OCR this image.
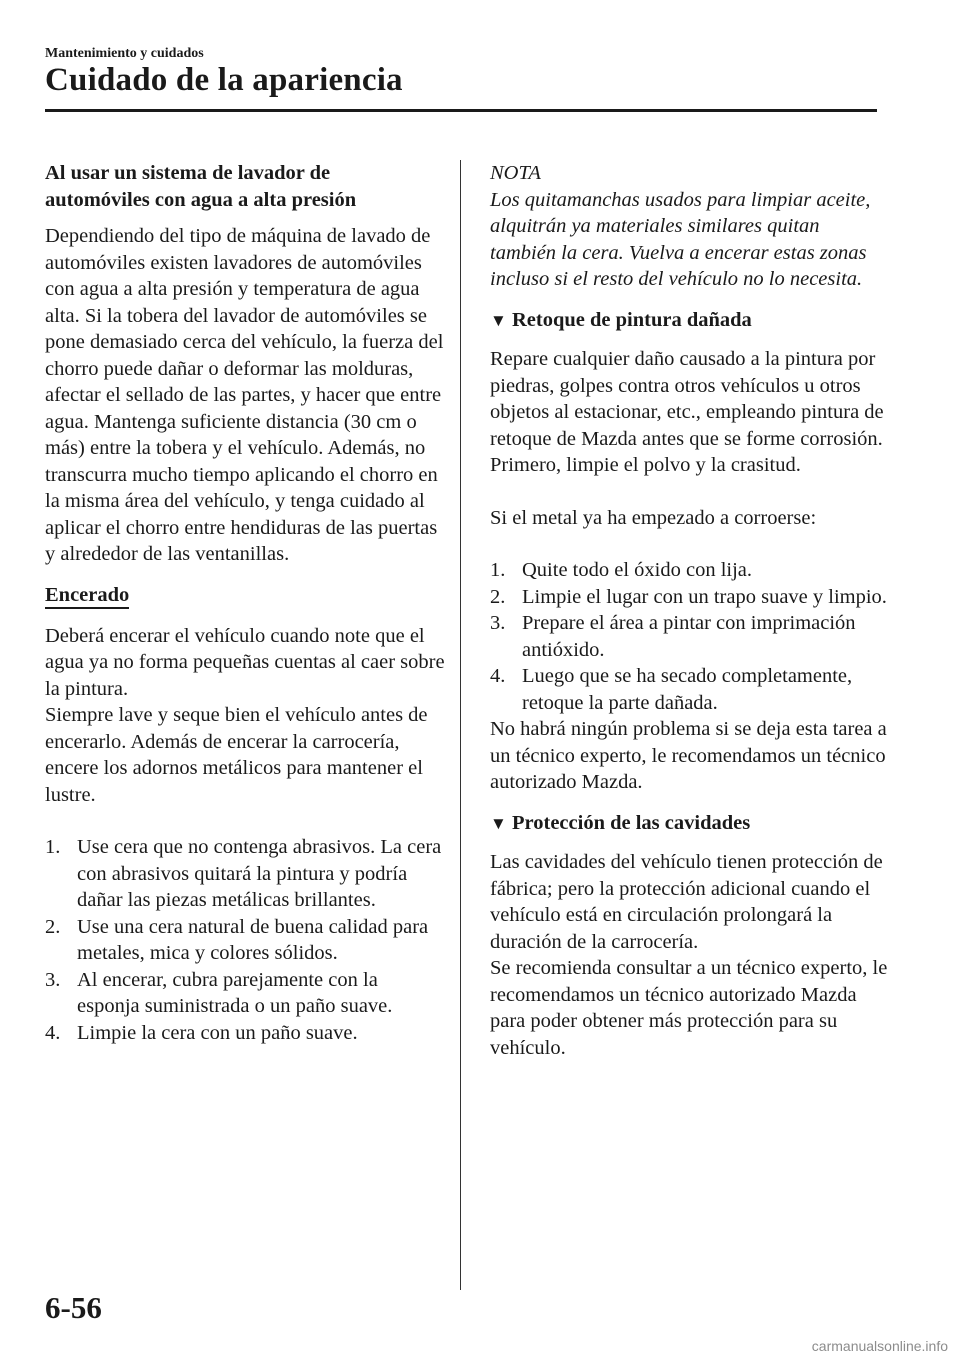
Mantenimiento y cuidados
Cuidado de la apariencia
Al usar un sistema de lavador de
automóviles con agua a alta presión

Dependiendo del tipo de máquina de lavado de automóviles existen lavadores de automóviles con agua a alta presión y temperatura de agua alta. Si la tobera del lavador de automóviles se pone demasiado cerca del vehículo, la fuerza del chorro puede dañar o deformar las molduras, afectar el sellado de las partes, y hacer que entre agua. Mantenga suficiente distancia (30 cm o más) entre la tobera y el vehículo. Además, no transcurra mucho tiempo aplicando el chorro en la misma área del vehículo, y tenga cuidado al aplicar el chorro entre hendiduras de las puertas y alrededor de las ventanillas.

Encerado

Deberá encerar el vehículo cuando note que el agua ya no forma pequeñas cuentas al caer sobre la pintura.

Siempre lave y seque bien el vehículo antes de encerarlo. Además de encerar la carrocería, encere los adornos metálicos para mantener el lustre.

1. Use cera que no contenga abrasivos. La cera con abrasivos quitará la pintura y podría dañar las piezas metálicas brillantes.
2. Use una cera natural de buena calidad para metales, mica y colores sólidos.
3. Al encerar, cubra parejamente con la esponja suministrada o un paño suave.
4. Limpie la cera con un paño suave.
NOTA

Los quitamanchas usados para limpiar aceite, alquitrán ya materiales similares quitan también la cera. Vuelva a encerar estas zonas incluso si el resto del vehículo no lo necesita.

▼ Retoque de pintura dañada

Repare cualquier daño causado a la pintura por piedras, golpes contra otros vehículos u otros objetos al estacionar, etc., empleando pintura de retoque de Mazda antes que se forme corrosión. Primero, limpie el polvo y la crasitud.

Si el metal ya ha empezado a corroerse:

1. Quite todo el óxido con lija.
2. Limpie el lugar con un trapo suave y limpio.
3. Prepare el área a pintar con imprimación antióxido.
4. Luego que se ha secado completamente, retoque la parte dañada.

No habrá ningún problema si se deja esta tarea a un técnico experto, le recomendamos un técnico autorizado Mazda.

▼ Protección de las cavidades

Las cavidades del vehículo tienen protección de fábrica; pero la protección adicional cuando el vehículo está en circulación prolongará la duración de la carrocería.

Se recomienda consultar a un técnico experto, le recomendamos un técnico autorizado Mazda para poder obtener más protección para su vehículo.

6-56
carmanualsonline.info
